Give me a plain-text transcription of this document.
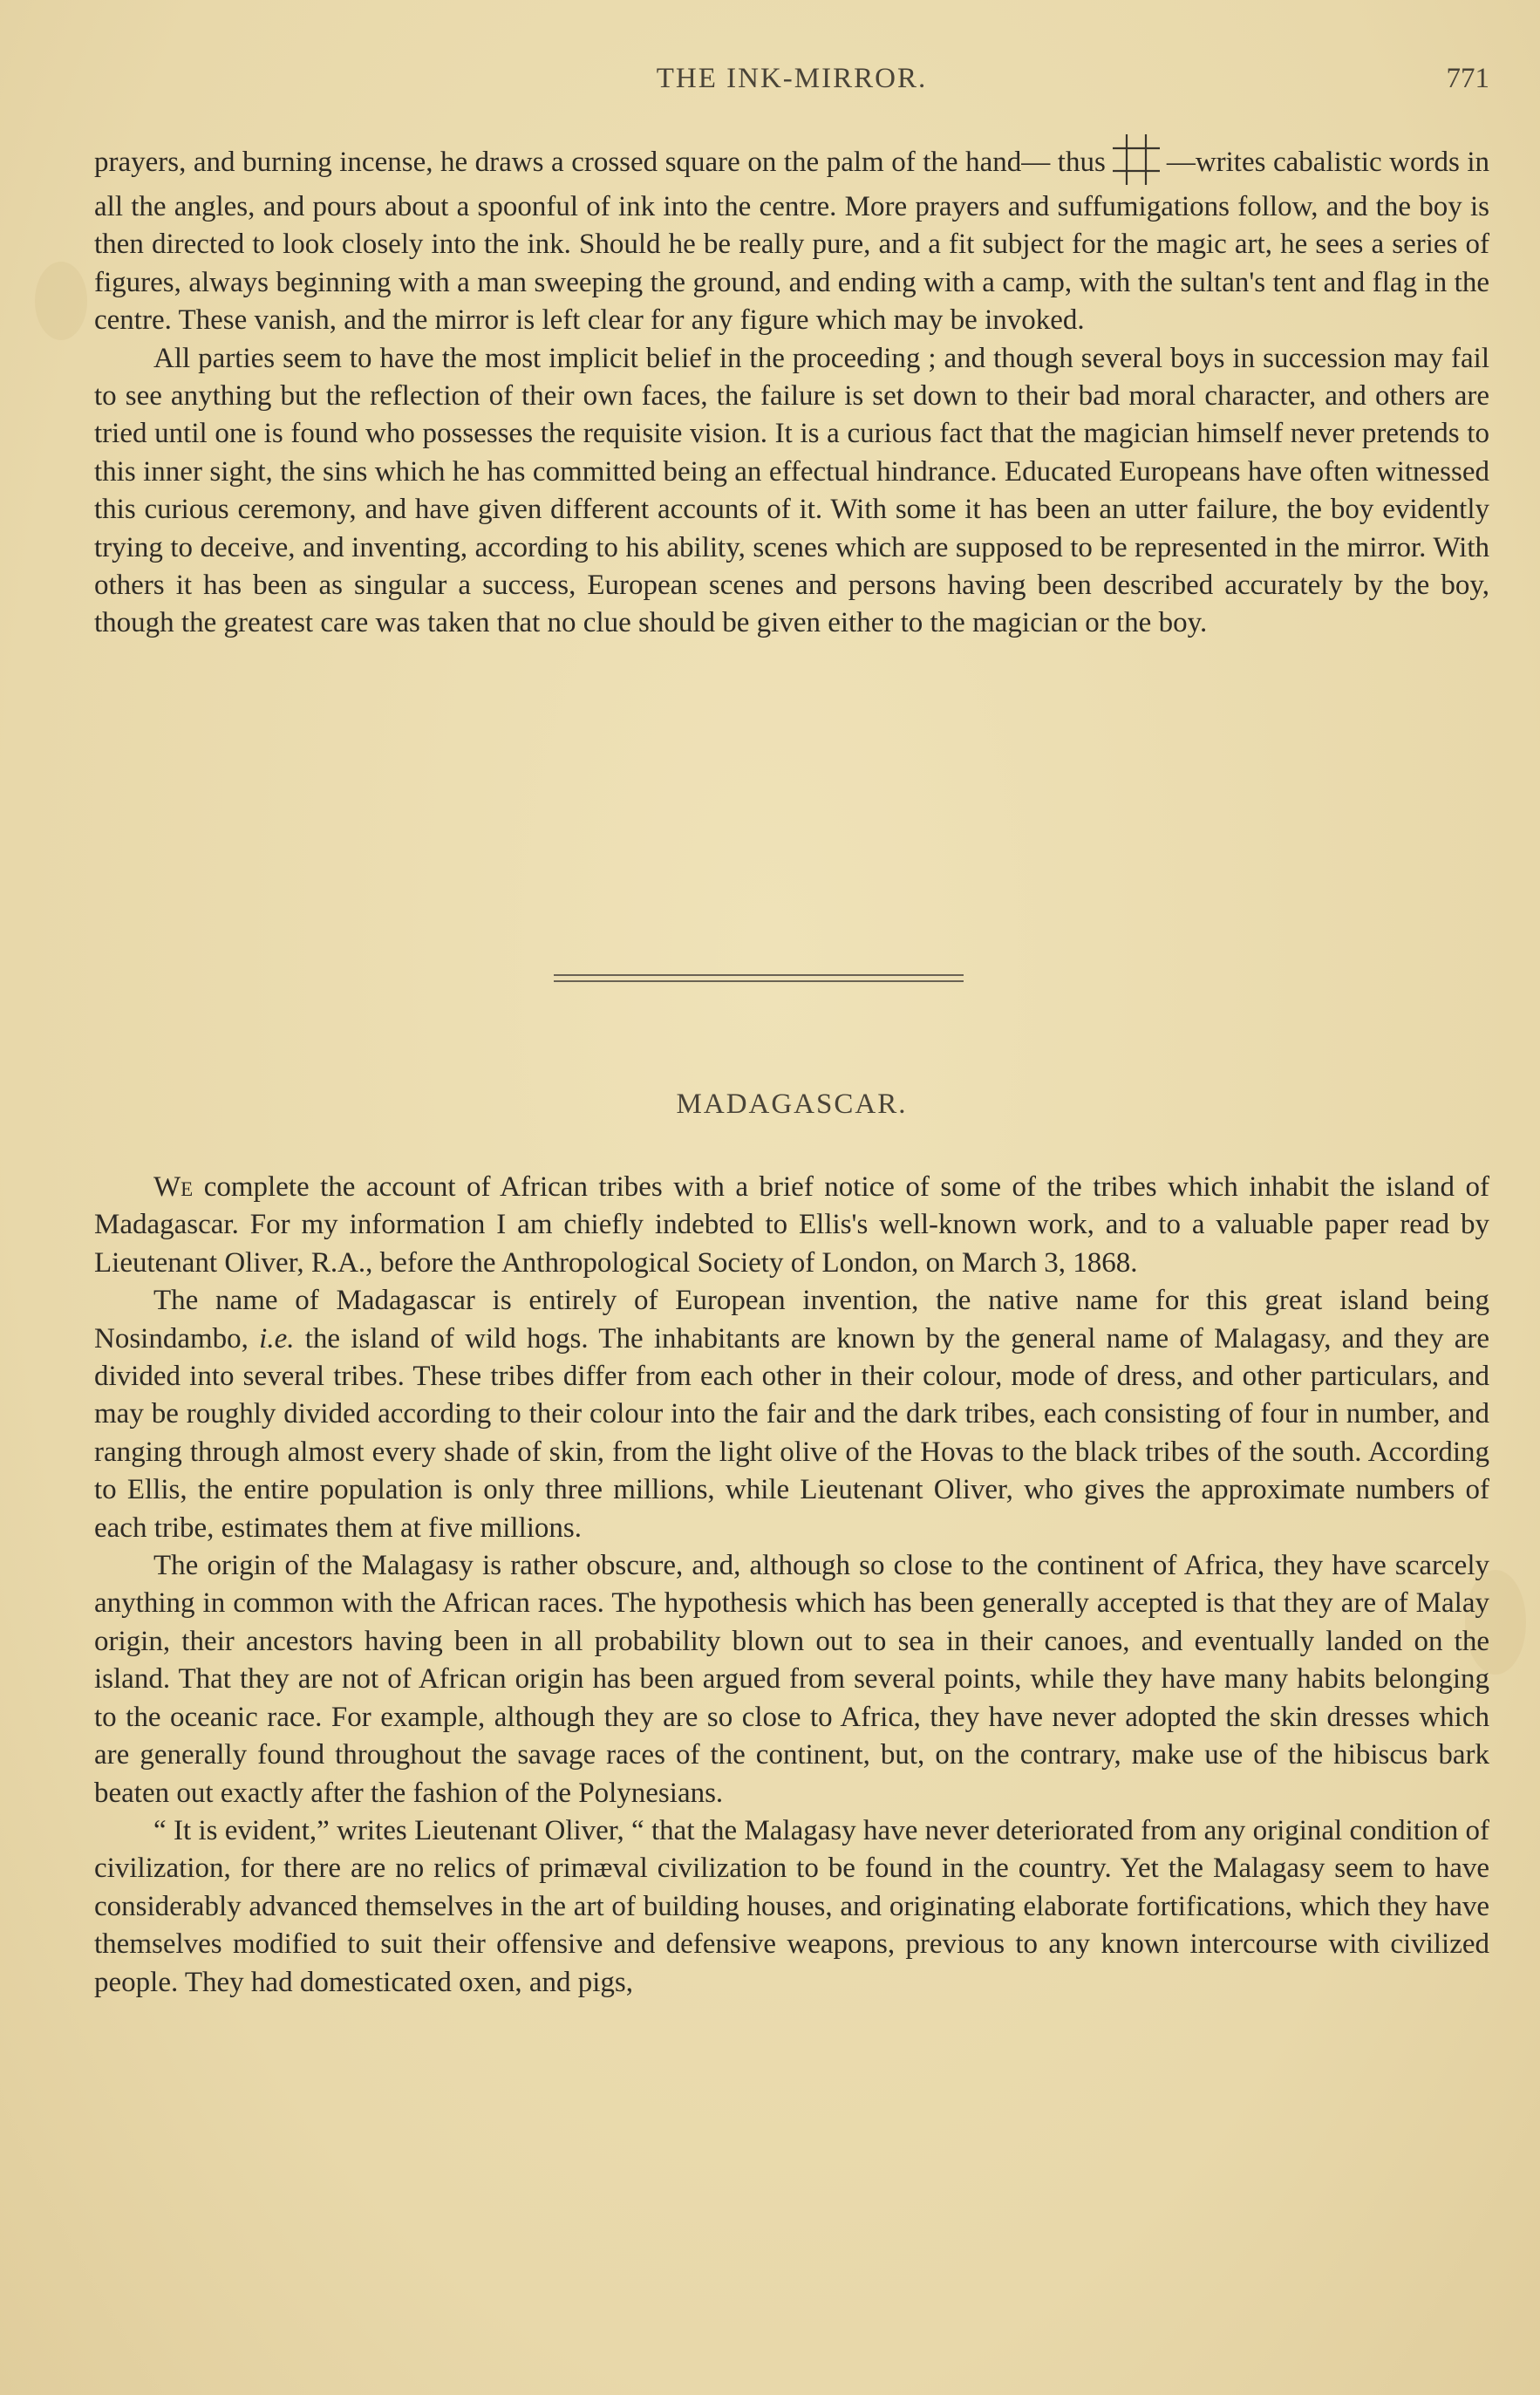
THE INK-MIRROR.	771

prayers, and burning incense, he draws a crossed square on the palm of the hand— thus —writes cabalistic words in all the angles, and pours about a spoonful of ink into the centre. More prayers and suffumigations follow, and the boy is then directed to look closely into the ink. Should he be really pure, and a fit subject for the magic art, he sees a series of figures, always beginning with a man sweeping the ground, and ending with a camp, with the sultan's tent and flag in the centre. These vanish, and the mirror is left clear for any figure which may be invoked.

All parties seem to have the most implicit belief in the proceeding ; and though several boys in succession may fail to see anything but the reflection of their own faces, the failure is set down to their bad moral character, and others are tried until one is found who possesses the requisite vision. It is a curious fact that the magician himself never pretends to this inner sight, the sins which he has committed being an effectual hindrance. Educated Europeans have often witnessed this curious ceremony, and have given different accounts of it. With some it has been an utter failure, the boy evidently trying to deceive, and inventing, according to his ability, scenes which are supposed to be represented in the mirror. With others it has been as singular a success, European scenes and persons having been described accurately by the boy, though the greatest care was taken that no clue should be given either to the magician or the boy.

MADAGASCAR.

We complete the account of African tribes with a brief notice of some of the tribes which inhabit the island of Madagascar. For my information I am chiefly indebted to Ellis's well-known work, and to a valuable paper read by Lieutenant Oliver, R.A., before the Anthropological Society of London, on March 3, 1868.

The name of Madagascar is entirely of European invention, the native name for this great island being Nosindambo, i.e. the island of wild hogs. The inhabitants are known by the general name of Malagasy, and they are divided into several tribes. These tribes differ from each other in their colour, mode of dress, and other particulars, and may be roughly divided according to their colour into the fair and the dark tribes, each consisting of four in number, and ranging through almost every shade of skin, from the light olive of the Hovas to the black tribes of the south. According to Ellis, the entire population is only three millions, while Lieutenant Oliver, who gives the approximate numbers of each tribe, estimates them at five millions.

The origin of the Malagasy is rather obscure, and, although so close to the continent of Africa, they have scarcely anything in common with the African races. The hypothesis which has been generally accepted is that they are of Malay origin, their ancestors having been in all probability blown out to sea in their canoes, and eventually landed on the island. That they are not of African origin has been argued from several points, while they have many habits belonging to the oceanic race. For example, although they are so close to Africa, they have never adopted the skin dresses which are generally found throughout the savage races of the continent, but, on the contrary, make use of the hibiscus bark beaten out exactly after the fashion of the Polynesians.

“ It is evident,” writes Lieutenant Oliver, “ that the Malagasy have never deteriorated from any original condition of civilization, for there are no relics of primæval civilization to be found in the country. Yet the Malagasy seem to have considerably advanced themselves in the art of building houses, and originating elaborate fortifications, which they have themselves modified to suit their offensive and defensive weapons, previous to any known intercourse with civilized people. They had domesticated oxen, and pigs,
